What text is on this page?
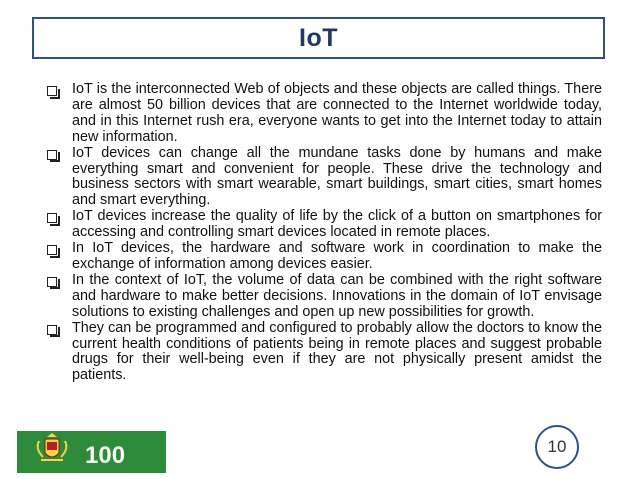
IoT
IoT is the interconnected Web of objects and these objects are called things. There are almost 50 billion devices that are connected to the Internet worldwide today, and in this Internet rush era, everyone wants to get into the Internet today to attain new information.
IoT devices can change all the mundane tasks done by humans and make everything smart and convenient for people. These drive the technology and business sectors with smart wearable, smart buildings, smart cities, smart homes and smart everything.
IoT devices increase the quality of life by the click of a button on smartphones for accessing and controlling smart devices located in remote places.
In IoT devices, the hardware and software work in coordination to make the exchange of information among devices easier.
In the context of IoT, the volume of data can be combined with the right software and hardware to make better decisions. Innovations in the domain of IoT envisage solutions to existing challenges and open up new possibilities for growth.
They can be programmed and configured to probably allow the doctors to know the current health conditions of patients being in remote places and suggest probable drugs for their well-being even if they are not physically present amidst the patients.
100	10
